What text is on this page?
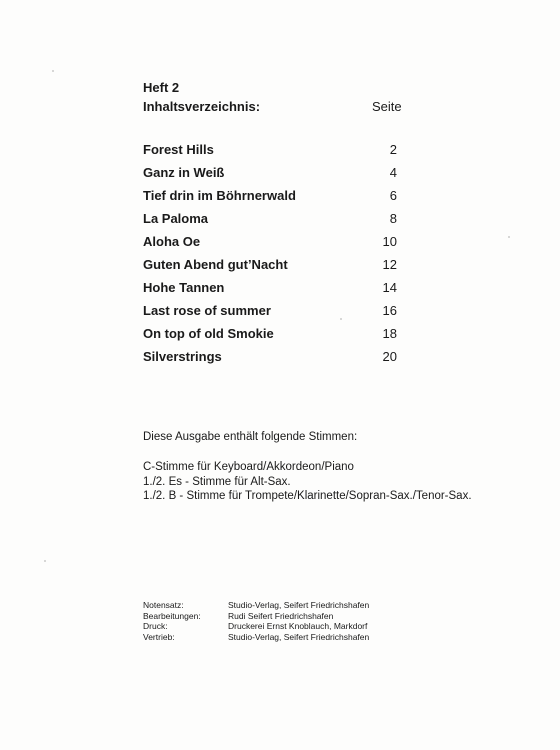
Heft 2
Inhaltsverzeichnis:	Seite
Forest Hills	2
Ganz in Weiß	4
Tief drin im Böhrnerwald	6
La Paloma	8
Aloha Oe	10
Guten Abend gut’Nacht	12
Hohe Tannen	14
Last rose of summer	16
On top of old Smokie	18
Silverstrings	20
Diese Ausgabe enthält folgende Stimmen:
C-Stimme für Keyboard/Akkordeon/Piano
1./2. Es - Stimme für Alt-Sax.
1./2. B - Stimme für Trompete/Klarinette/Sopran-Sax./Tenor-Sax.
Notensatz:	Studio-Verlag, Seifert Friedrichshafen
Bearbeitungen:	Rudi Seifert Friedrichshafen
Druck:	Druckerei Ernst Knoblauch, Markdorf
Vertrieb:	Studio-Verlag, Seifert Friedrichshafen
